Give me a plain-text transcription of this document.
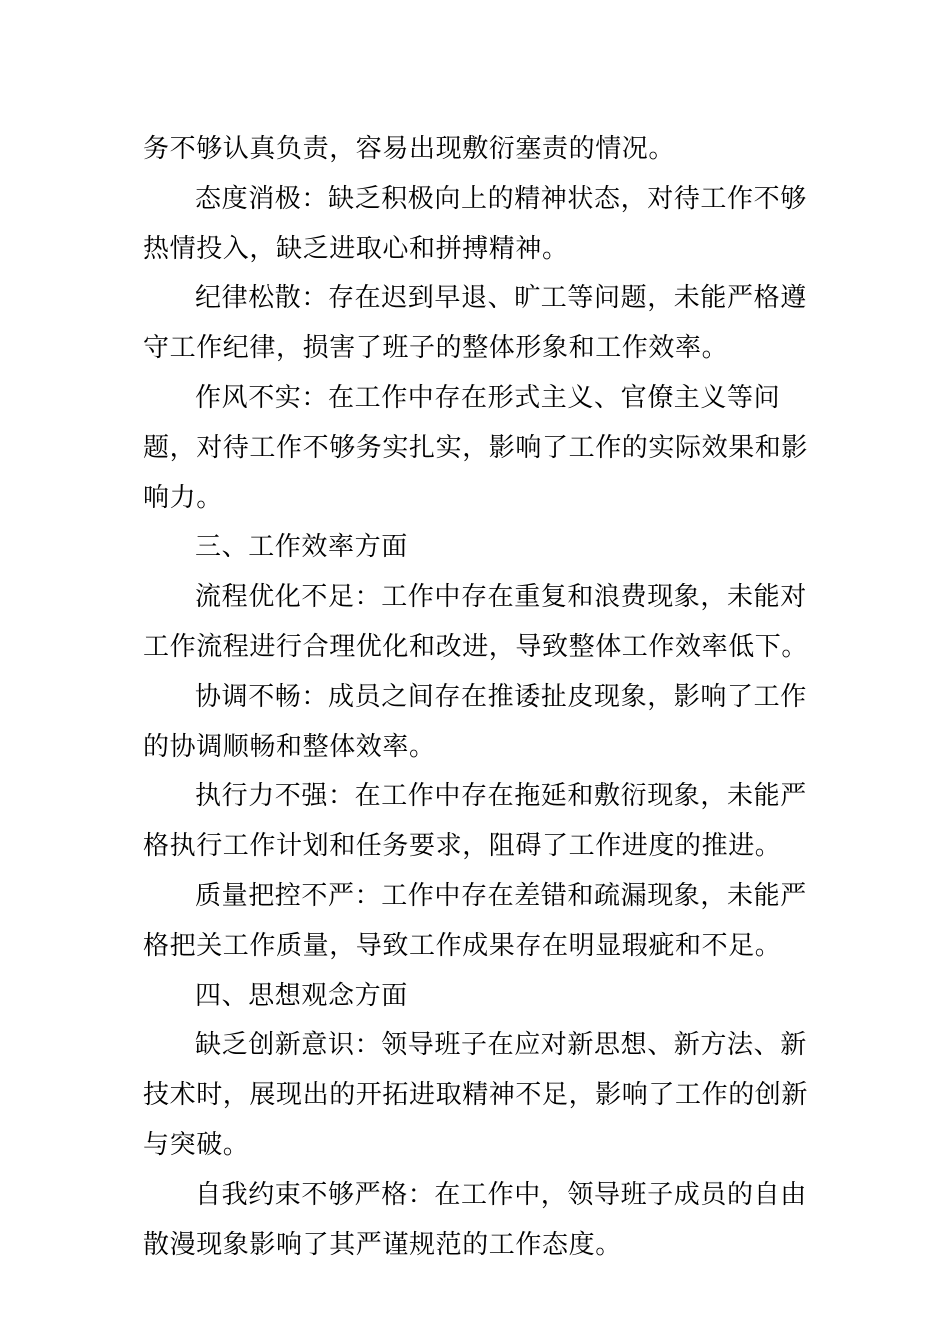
务不够认真负责，容易出现敷衍塞责的情况。

态度消极：缺乏积极向上的精神状态，对待工作不够热情投入，缺乏进取心和拼搏精神。

纪律松散：存在迟到早退、旷工等问题，未能严格遵守工作纪律，损害了班子的整体形象和工作效率。

作风不实：在工作中存在形式主义、官僚主义等问题，对待工作不够务实扎实，影响了工作的实际效果和影响力。

三、工作效率方面

流程优化不足：工作中存在重复和浪费现象，未能对工作流程进行合理优化和改进，导致整体工作效率低下。

协调不畅：成员之间存在推诿扯皮现象，影响了工作的协调顺畅和整体效率。

执行力不强：在工作中存在拖延和敷衍现象，未能严格执行工作计划和任务要求，阻碍了工作进度的推进。

质量把控不严：工作中存在差错和疏漏现象，未能严格把关工作质量，导致工作成果存在明显瑕疵和不足。

四、思想观念方面

缺乏创新意识：领导班子在应对新思想、新方法、新技术时，展现出的开拓进取精神不足，影响了工作的创新与突破。

自我约束不够严格：在工作中，领导班子成员的自由散漫现象影响了其严谨规范的工作态度。
